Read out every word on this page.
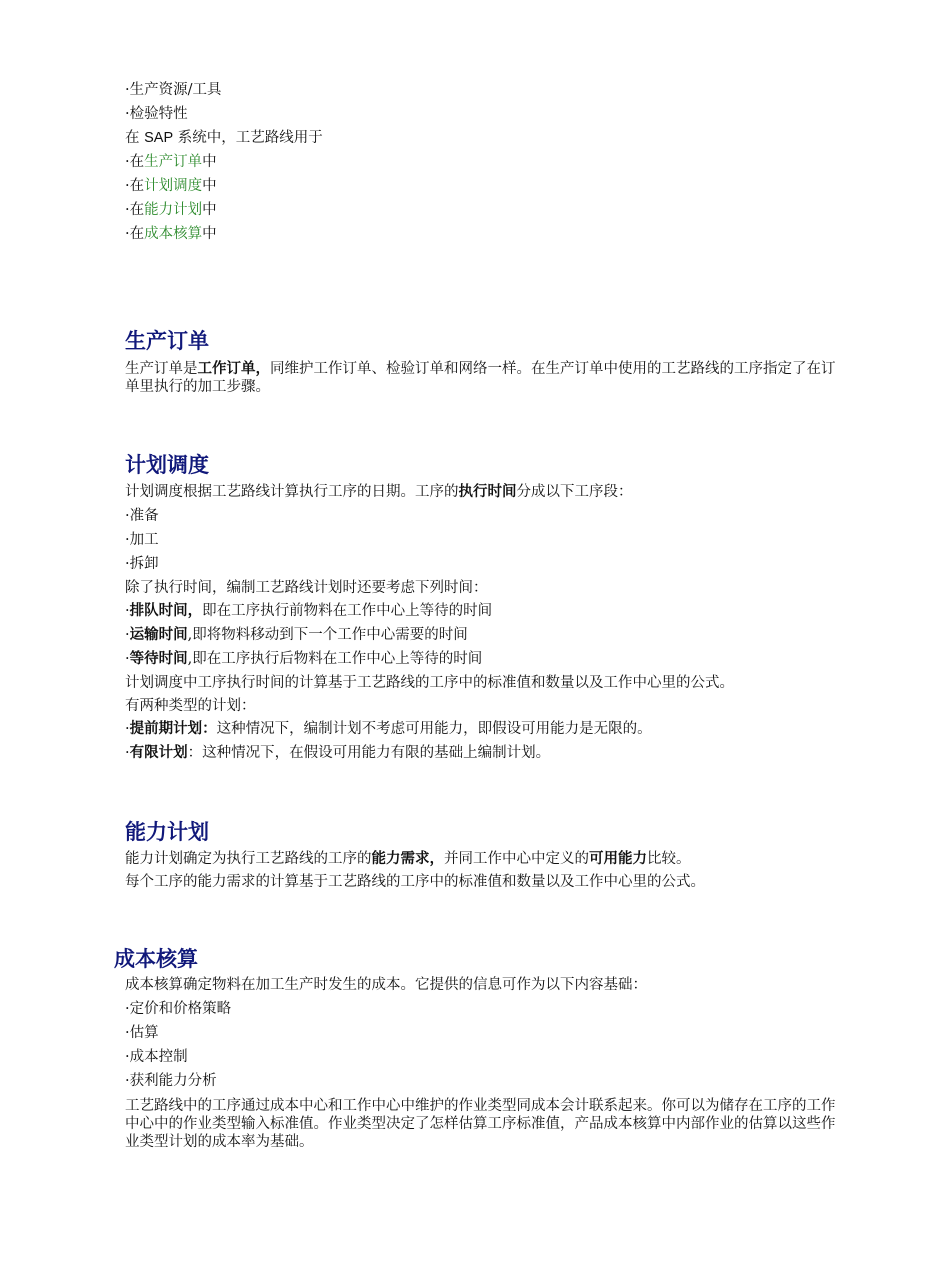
·生产资源/工具
·检验特性
在 SAP 系统中，工艺路线用于
·在生产订单中
·在计划调度中
·在能力计划中
·在成本核算中
生产订单
生产订单是工作订单，同维护工作订单、检验订单和网络一样。在生产订单中使用的工艺路线的工序指定了在订单里执行的加工步骤。
计划调度
计划调度根据工艺路线计算执行工序的日期。工序的执行时间分成以下工序段：
·准备
·加工
·拆卸
除了执行时间，编制工艺路线计划时还要考虑下列时间：
·排队时间，即在工序执行前物料在工作中心上等待的时间
·运输时间,即将物料移动到下一个工作中心需要的时间
·等待时间,即在工序执行后物料在工作中心上等待的时间
计划调度中工序执行时间的计算基于工艺路线的工序中的标准值和数量以及工作中心里的公式。
有两种类型的计划：
·提前期计划：这种情况下，编制计划不考虑可用能力，即假设可用能力是无限的。
·有限计划：这种情况下，在假设可用能力有限的基础上编制计划。
能力计划
能力计划确定为执行工艺路线的工序的能力需求，并同工作中心中定义的可用能力比较。
每个工序的能力需求的计算基于工艺路线的工序中的标准值和数量以及工作中心里的公式。
成本核算
成本核算确定物料在加工生产时发生的成本。它提供的信息可作为以下内容基础：
·定价和价格策略
·估算
·成本控制
·获利能力分析
工艺路线中的工序通过成本中心和工作中心中维护的作业类型同成本会计联系起来。你可以为储存在工序的工作中心中的作业类型输入标准值。作业类型决定了怎样估算工序标准值，产品成本核算中内部作业的估算以这些作业类型计划的成本率为基础。
